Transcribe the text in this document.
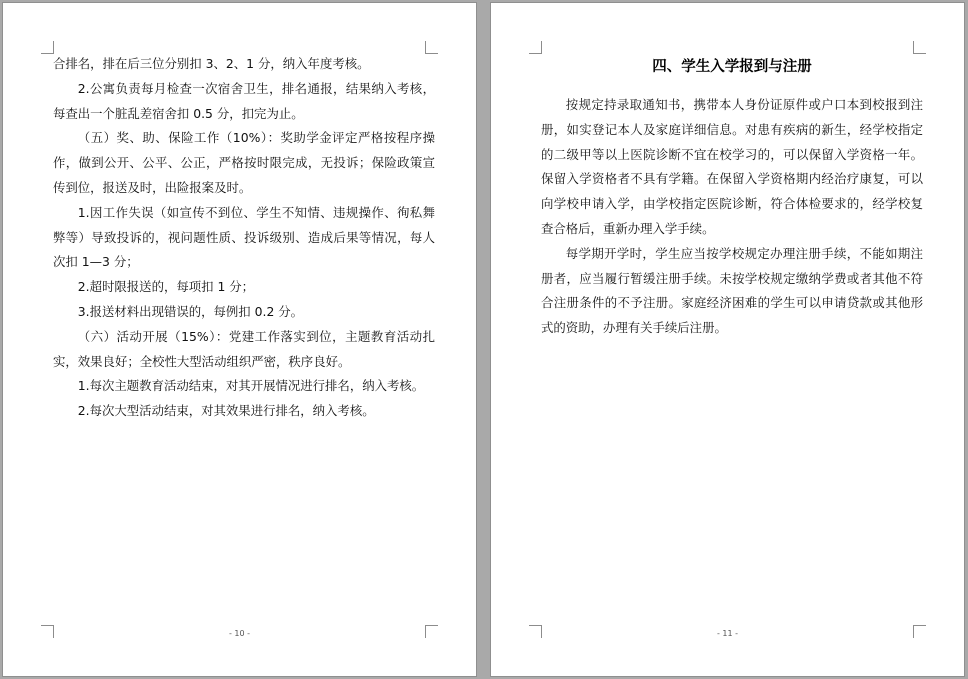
合排名，排在后三位分别扣 3、2、1 分，纳入年度考核。

2.公寓负责每月检查一次宿舍卫生，排名通报，结果纳入考核，每查出一个脏乱差宿舍扣 0.5 分，扣完为止。

（五）奖、助、保险工作（10%）：奖助学金评定严格按程序操作，做到公开、公平、公正，严格按时限完成，无投诉；保险政策宣传到位，报送及时，出险报案及时。

1.因工作失误（如宣传不到位、学生不知情、违规操作、徇私舞弊等）导致投诉的，视问题性质、投诉级别、造成后果等情况，每人次扣 1—3 分；

2.超时限报送的，每项扣 1 分；

3.报送材料出现错误的，每例扣 0.2 分。

（六）活动开展（15%）：党建工作落实到位，主题教育活动扎实，效果良好；全校性大型活动组织严密，秩序良好。

1.每次主题教育活动结束，对其开展情况进行排名，纳入考核。

2.每次大型活动结束，对其效果进行排名，纳入考核。

- 10 -
四、学生入学报到与注册

按规定持录取通知书，携带本人身份证原件或户口本到校报到注册，如实登记本人及家庭详细信息。对患有疾病的新生，经学校指定的二级甲等以上医院诊断不宜在校学习的，可以保留入学资格一年。保留入学资格者不具有学籍。在保留入学资格期内经治疗康复，可以向学校申请入学，由学校指定医院诊断，符合体检要求的，经学校复查合格后，重新办理入学手续。

每学期开学时，学生应当按学校规定办理注册手续，不能如期注册者，应当履行暂缓注册手续。未按学校规定缴纳学费或者其他不符合注册条件的不予注册。家庭经济困难的学生可以申请贷款或其他形式的资助，办理有关手续后注册。

- 11 -
